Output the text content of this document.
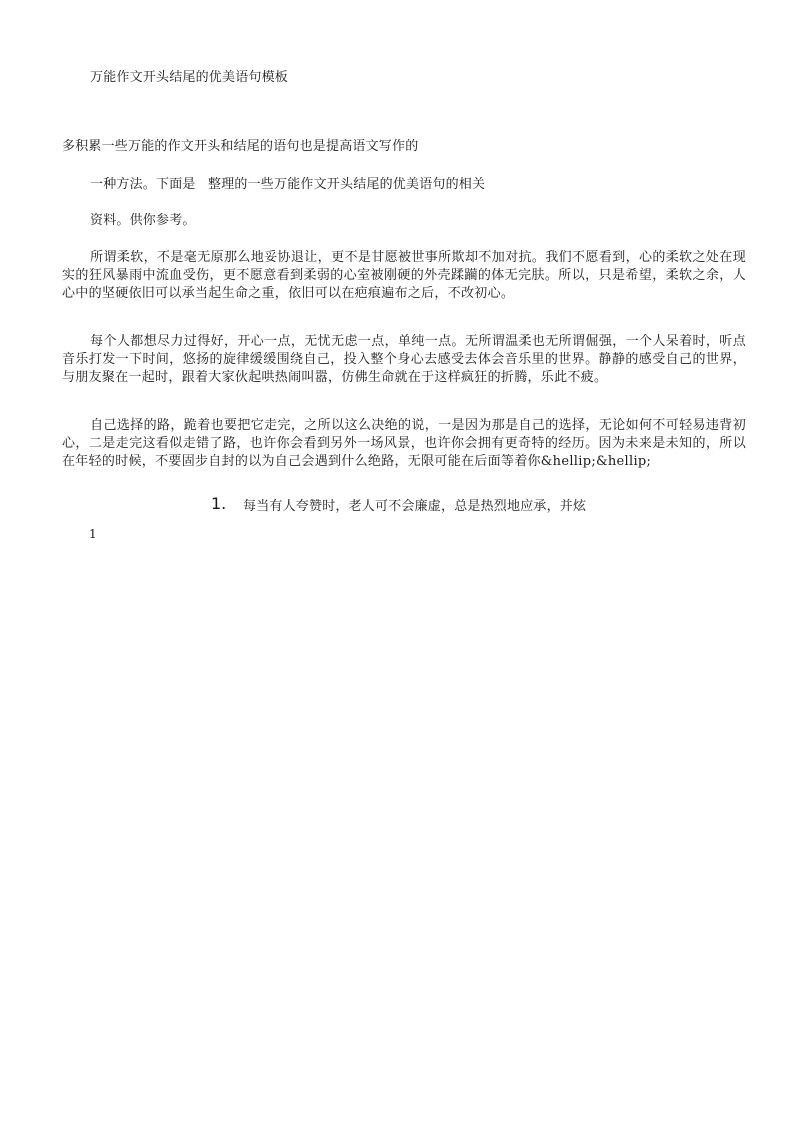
万能作文开头结尾的优美语句模板
多积累一些万能的作文开头和结尾的语句也是提高语文写作的
一种方法。下面是 整理的一些万能作文开头结尾的优美语句的相关
资料。供你参考。
所谓柔软，不是毫无原那么地妥协退让，更不是甘愿被世事所欺却不加对抗。我们不愿看到，心的柔软之处在现实的狂风暴雨中流血受伤，更不愿意看到柔弱的心室被刚硬的外壳蹂躏的体无完肤。所以，只是希望，柔软之余，人心中的坚硬依旧可以承当起生命之重，依旧可以在疤痕遍布之后，不改初心。
每个人都想尽力过得好，开心一点，无忧无虑一点，单纯一点。无所谓温柔也无所谓倔强，一个人呆着时，听点音乐打发一下时间，悠扬的旋律缓缓围绕自己，投入整个身心去感受去体会音乐里的世界。静静的感受自己的世界，与朋友聚在一起时，跟着大家伙起哄热闹叫嚣，仿佛生命就在于这样疯狂的折腾，乐此不疲。
自己选择的路，跪着也要把它走完，之所以这么决绝的说，一是因为那是自己的选择，无论如何不可轻易违背初心，二是走完这看似走错了路，也许你会看到另外一场风景，也许你会拥有更奇特的经历。因为未来是未知的，所以在年轻的时候，不要固步自封的以为自己会遇到什么绝路，无限可能在后面等着你&hellip;&hellip;
1. 每当有人夸赞时，老人可不会廉虚，总是热烈地应承，并炫
1
